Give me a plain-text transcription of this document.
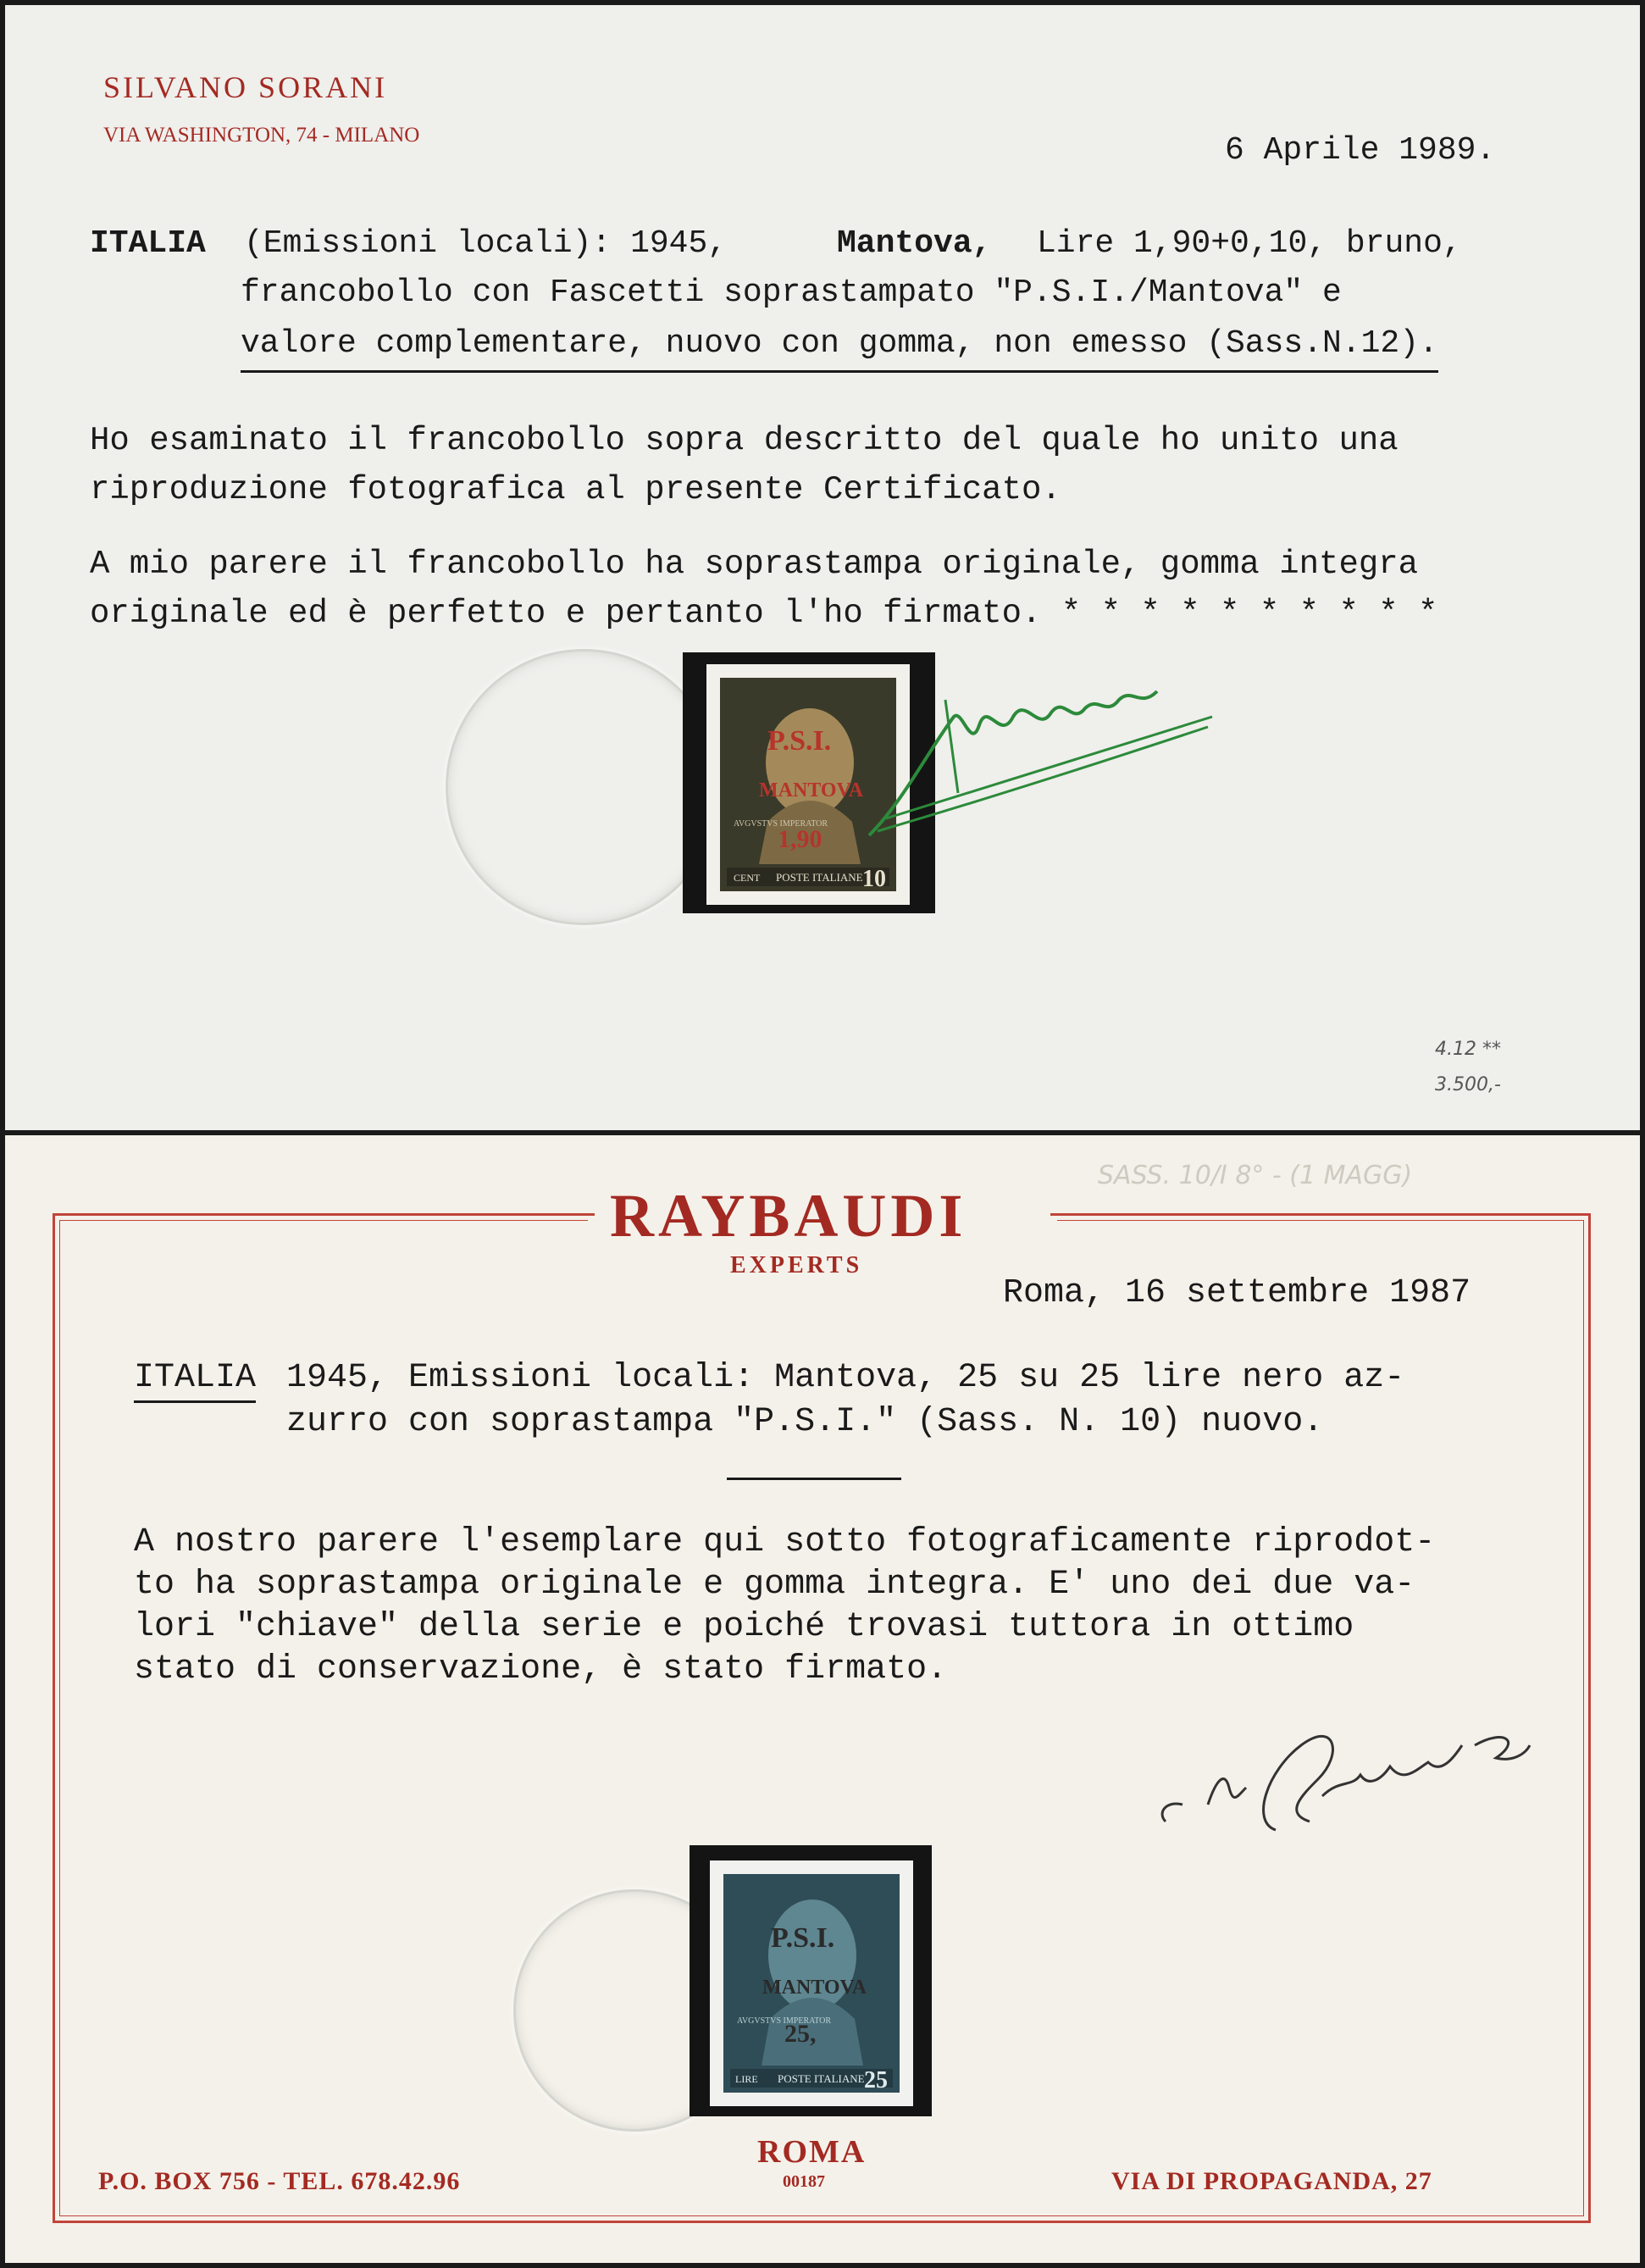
SILVANO SORANI
VIA WASHINGTON, 74 - MILANO	6 Aprile 1989.
ITALIA (Emissioni locali): 1945,	Mantova, Lire 1,90+0,10, bruno,
francobollo con Fascetti soprastampato "P.S.I./Mantova" e
valore complementare, nuovo con gomma, non emesso (Sass.N.12).
Ho esaminato il francobollo sopra descritto del quale ho unito una
riproduzione fotografica al presente Certificato.
A mio parere il francobollo ha soprastampa originale, gomma integra
originale ed è perfetto e pertanto l'ho firmato. * * * * * * * * * *
AVGVSTVS IMPERATOR
CENT POSTE ITALIANE 10
P.S.I.
MANTOVA
1,90
4.12 **
3.500,-
SASS. 10/I 8° - (1 MAGG)
RAYBAUDI
EXPERTS
Roma, 16 settembre 1987
ITALIA 1945, Emissioni locali: Mantova, 25 su 25 lire nero az-
zurro con soprastampa "P.S.I." (Sass. N. 10) nuovo.
A nostro parere l'esemplare qui sotto fotograficamente riprodot-
to ha soprastampa originale e gomma integra. E' uno dei due va-
lori "chiave" della serie e poiché trovasi tuttora in ottimo
stato di conservazione, è stato firmato.
AVGVSTVS IMPERATOR
LIRE POSTE ITALIANE 25
P.S.I.
MANTOVA
25,
ROMA
00187
P.O. BOX 756 - TEL. 678.42.96	VIA DI PROPAGANDA, 27
